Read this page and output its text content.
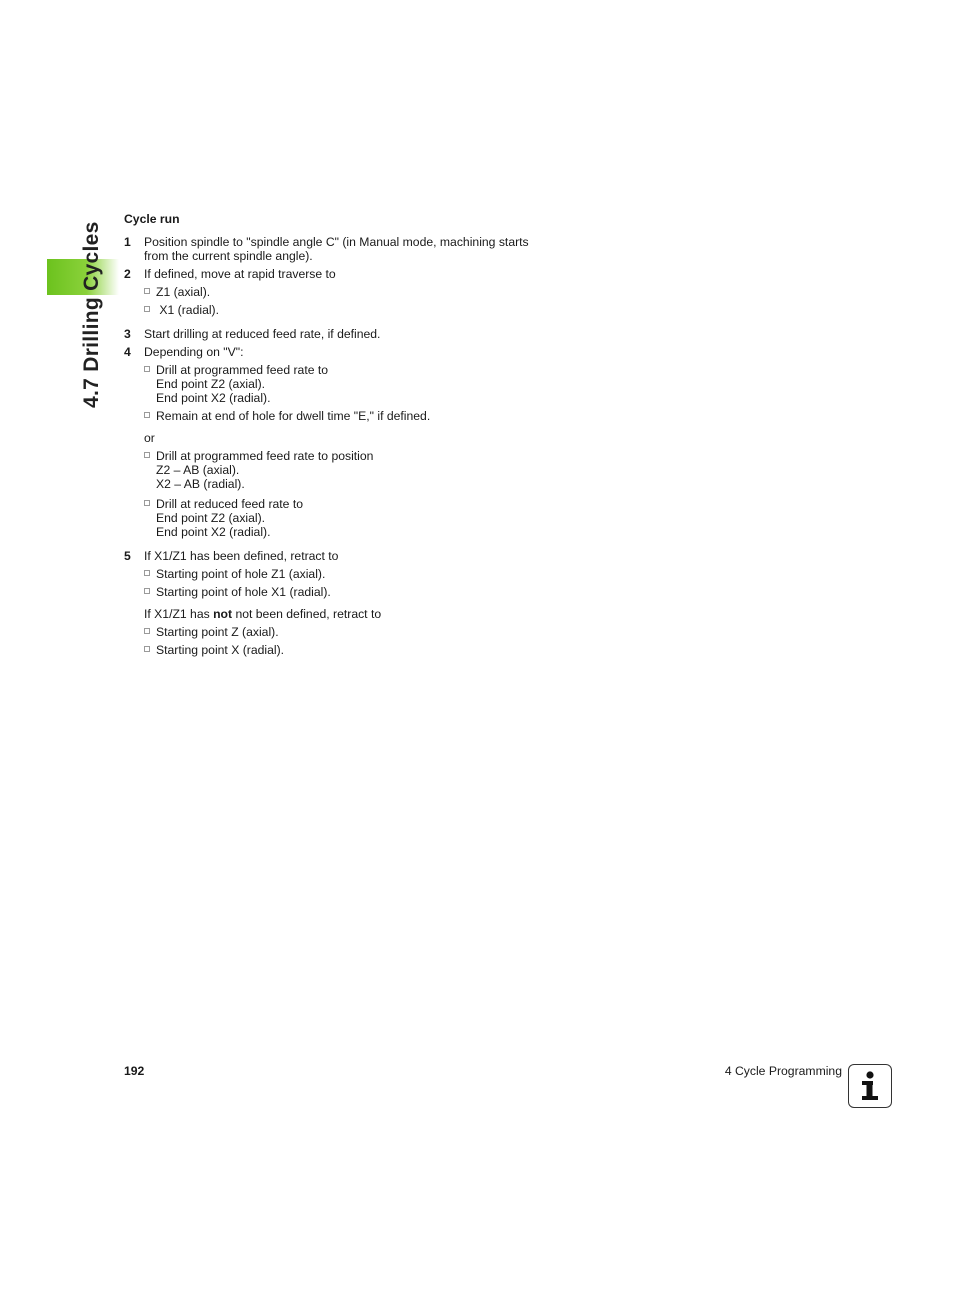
4.7 Drilling Cycles
Cycle run
1 Position spindle to "spindle angle C" (in Manual mode, machining starts from the current spindle angle).
2 If defined, move at rapid traverse to
Z1 (axial).
X1 (radial).
3 Start drilling at reduced feed rate, if defined.
4 Depending on "V":
Drill at programmed feed rate to
End point Z2 (axial).
End point X2 (radial).
Remain at end of hole for dwell time "E," if defined.
or
Drill at programmed feed rate to position
Z2 – AB (axial).
X2 – AB (radial).
Drill at reduced feed rate to
End point Z2 (axial).
End point X2 (radial).
5 If X1/Z1 has been defined, retract to
Starting point of hole Z1 (axial).
Starting point of hole X1 (radial).
If X1/Z1 has not not been defined, retract to
Starting point Z (axial).
Starting point X (radial).
192	4 Cycle Programming
